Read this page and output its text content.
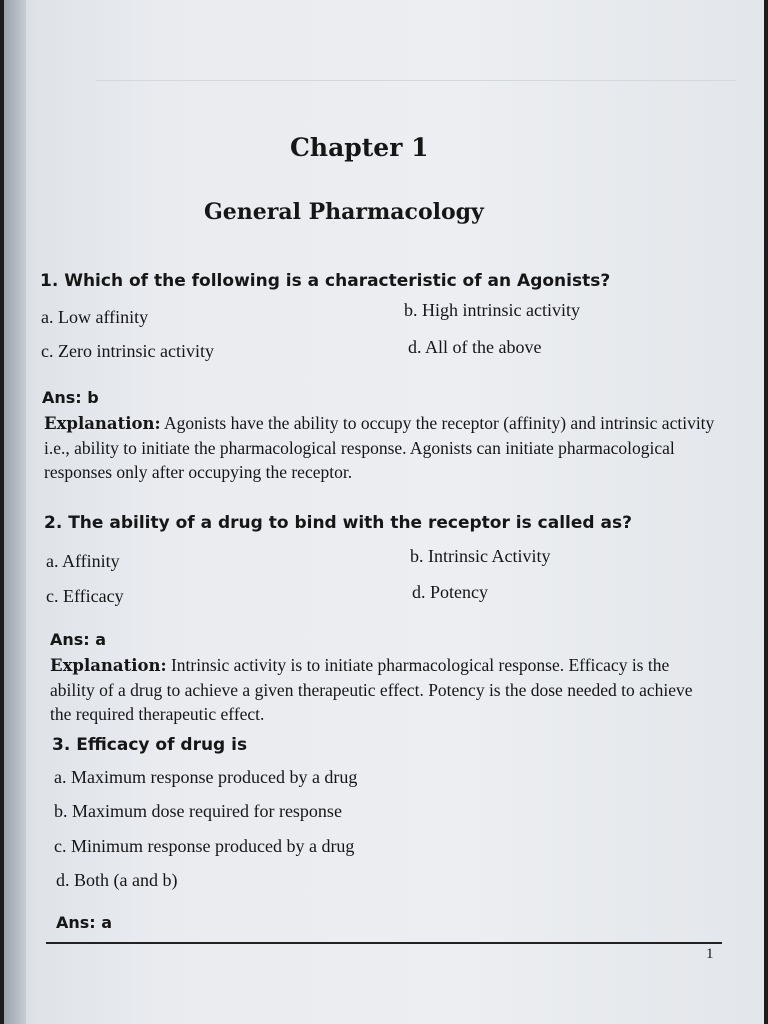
Chapter 1
General Pharmacology
1. Which of the following is a characteristic of an Agonists?
a. Low affinity	b. High intrinsic activity
c. Zero intrinsic activity	d. All of the above
Ans: b
Explanation: Agonists have the ability to occupy the receptor (affinity) and intrinsic activity i.e., ability to initiate the pharmacological response. Agonists can initiate pharmacological responses only after occupying the receptor.
2. The ability of a drug to bind with the receptor is called as?
a. Affinity	b. Intrinsic Activity
c. Efficacy	d. Potency
Ans: a
Explanation: Intrinsic activity is to initiate pharmacological response. Efficacy is the ability of a drug to achieve a given therapeutic effect. Potency is the dose needed to achieve the required therapeutic effect.
3. Efficacy of drug is
a. Maximum response produced by a drug
b. Maximum dose required for response
c. Minimum response produced by a drug
d. Both (a and b)
Ans: a
1
